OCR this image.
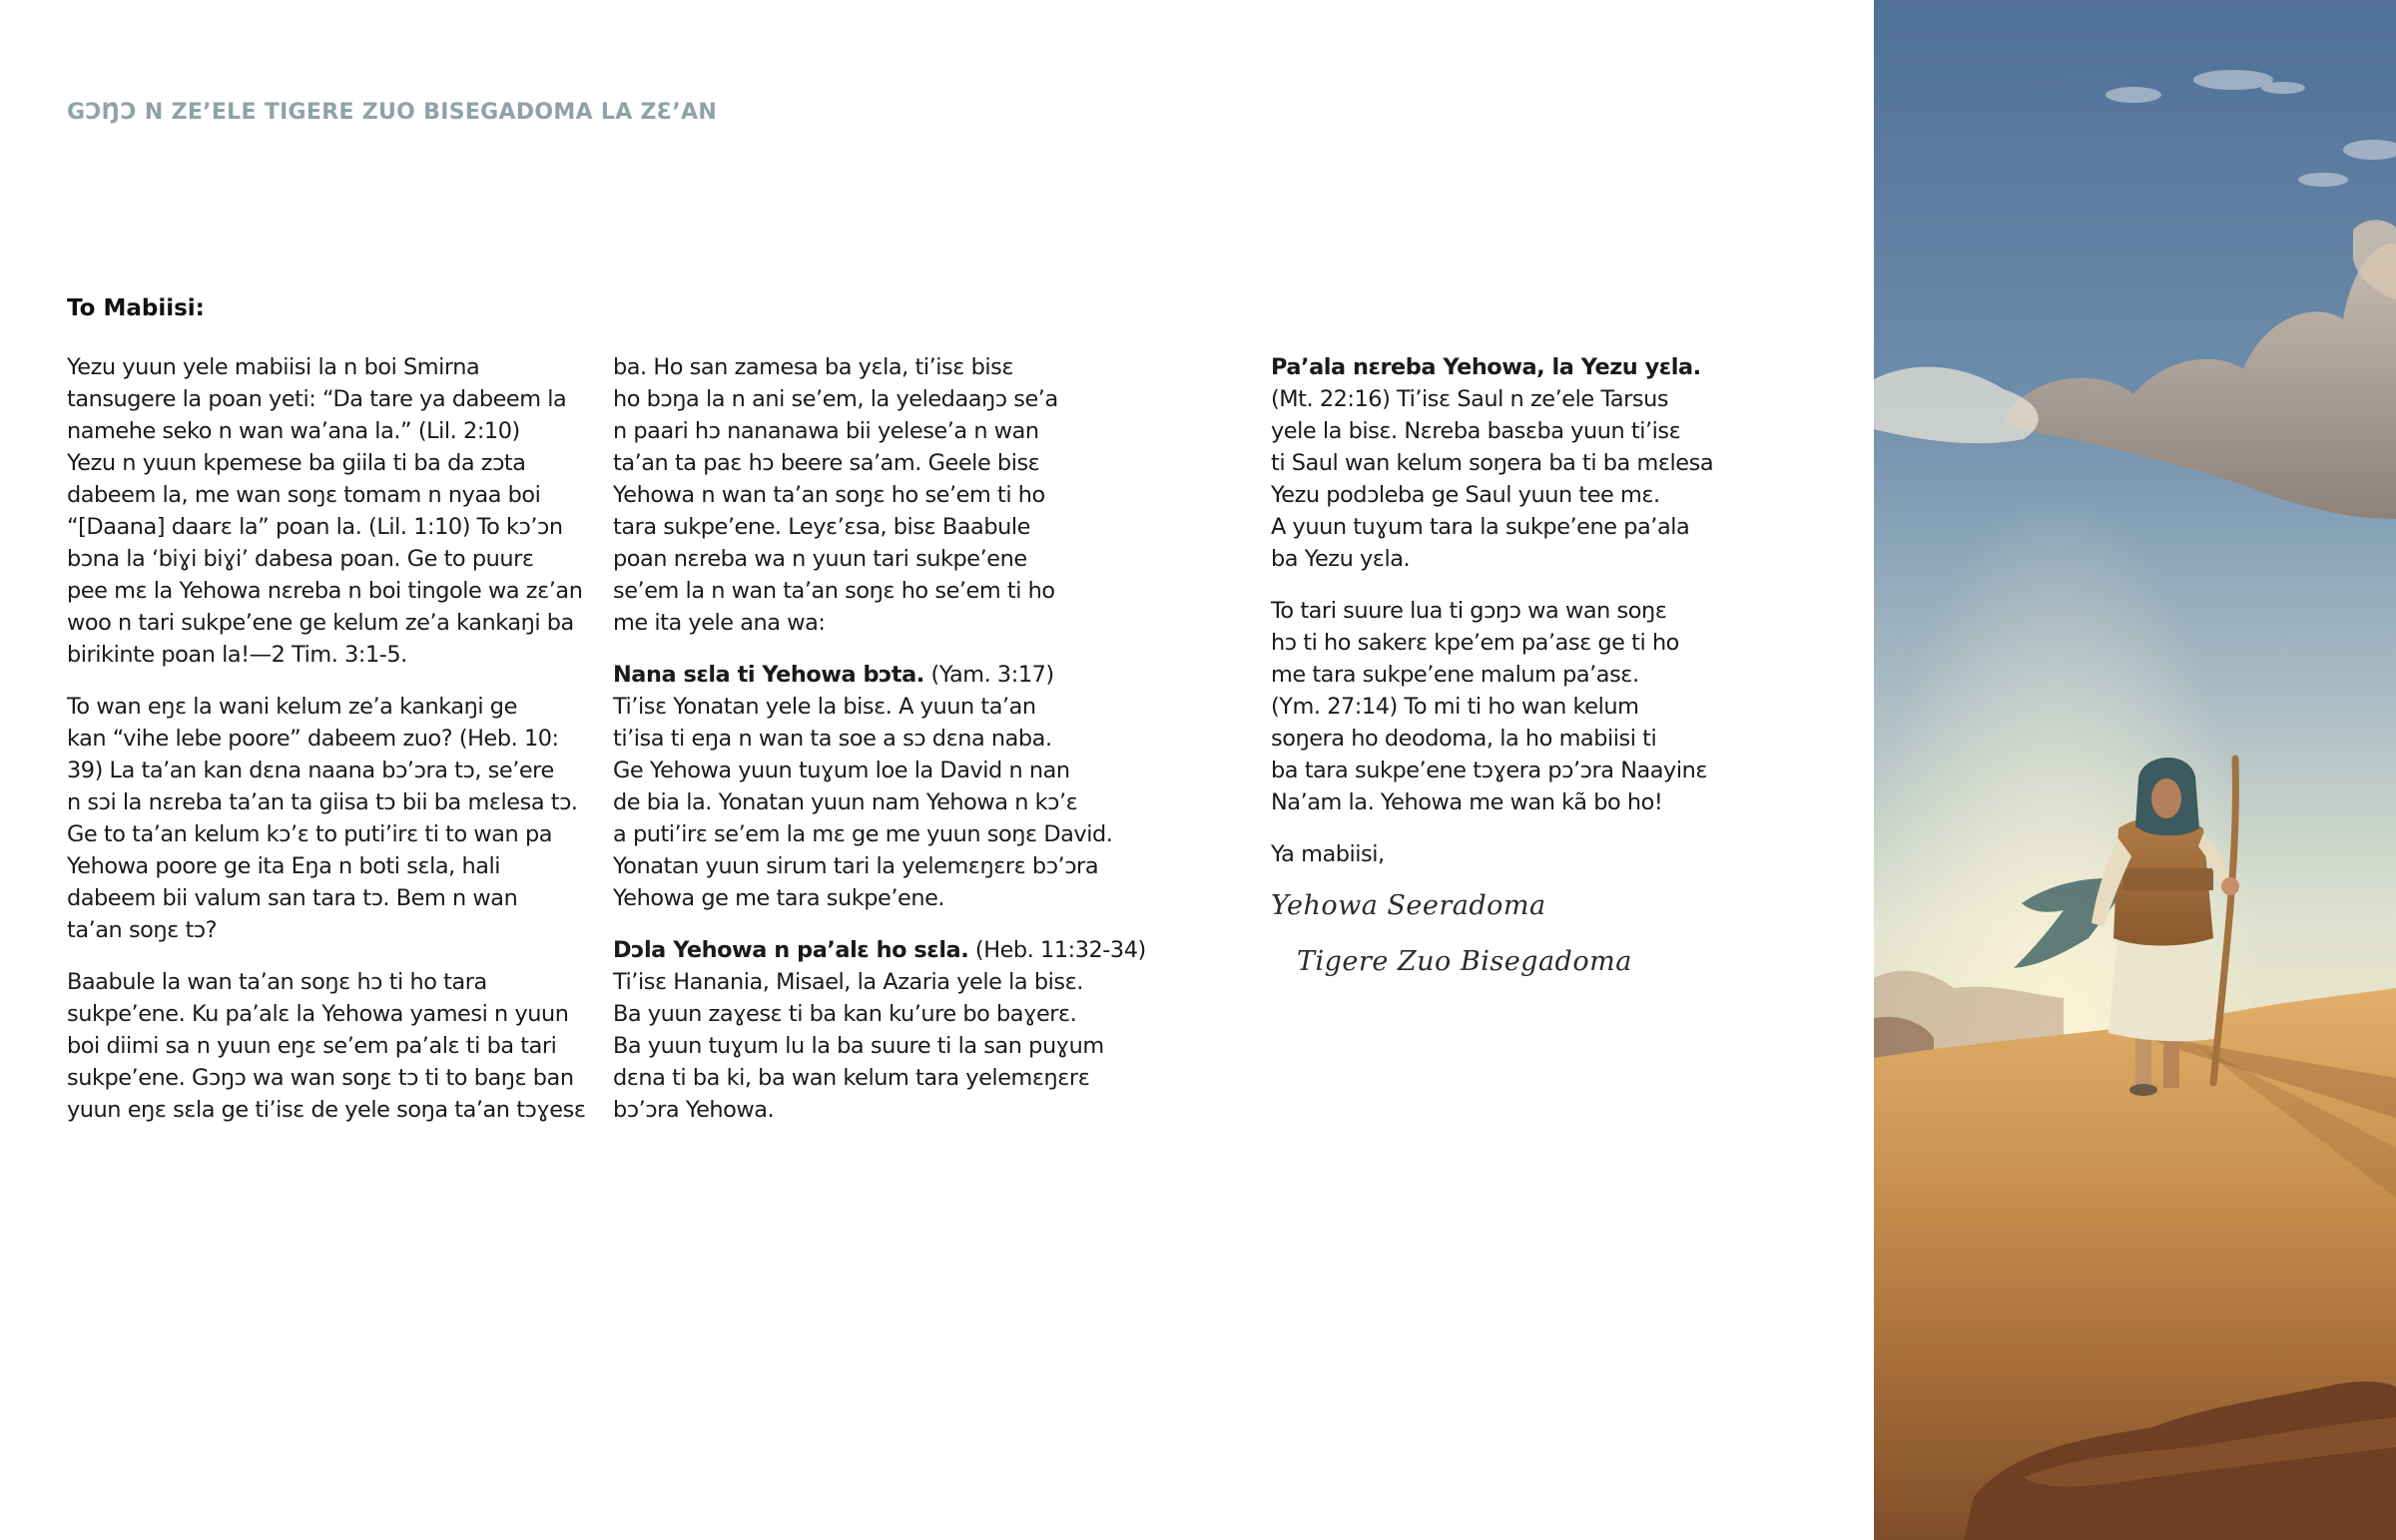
GƆŊƆ N ZE’ELE TIGERE ZUO BISEGADOMA LA ZƐ’AN
To Mabiisi:
Yezu yuun yele mabiisi la n boi Smirna
tansugere la poan yeti: “Da tare ya dabeem la
namehe seko n wan wa’ana la.” (Lil. 2:10)
Yezu n yuun kpemese ba giila ti ba da zɔta
dabeem la, me wan soŋɛ tomam n nyaa boi
“[Daana] daarɛ la” poan la. (Lil. 1:10) To kɔ’ɔn
bɔna la ‘biɣi biɣi’ dabesa poan. Ge to puurɛ
pee mɛ la Yehowa nɛreba n boi tingole wa zɛ’an
woo n tari sukpe’ene ge kelum ze’a kankaŋi ba
birikinte poan la!—2 Tim. 3:1-5.
To wan eŋɛ la wani kelum ze’a kankaŋi ge
kan “vihe lebe poore” dabeem zuo? (Heb. 10:
39) La ta’an kan dɛna naana bɔ’ɔra tɔ, se’ere
n sɔi la nɛreba ta’an ta giisa tɔ bii ba mɛlesa tɔ.
Ge to ta’an kelum kɔ’ɛ to puti’irɛ ti to wan pa
Yehowa poore ge ita Eŋa n boti sɛla, hali
dabeem bii valum san tara tɔ. Bem n wan
ta’an soŋɛ tɔ?
Baabule la wan ta’an soŋɛ hɔ ti ho tara
sukpe’ene. Ku pa’alɛ la Yehowa yamesi n yuun
boi diimi sa n yuun eŋɛ se’em pa’alɛ ti ba tari
sukpe’ene. Gɔŋɔ wa wan soŋɛ tɔ ti to baŋɛ ban
yuun eŋɛ sɛla ge ti’isɛ de yele soŋa ta’an tɔɣesɛ
ba. Ho san zamesa ba yɛla, ti’isɛ bisɛ
ho bɔŋa la n ani se’em, la yeledaaŋɔ se’a
n paari hɔ nananawa bii yelese’a n wan
ta’an ta paɛ hɔ beere sa’am. Geele bisɛ
Yehowa n wan ta’an soŋɛ ho se’em ti ho
tara sukpe’ene. Leyɛ’ɛsa, bisɛ Baabule
poan nɛreba wa n yuun tari sukpe’ene
se’em la n wan ta’an soŋɛ ho se’em ti ho
me ita yele ana wa:
Nana sɛla ti Yehowa bɔta. (Yam. 3:17)
Ti’isɛ Yonatan yele la bisɛ. A yuun ta’an
ti’isa ti eŋa n wan ta soe a sɔ dɛna naba.
Ge Yehowa yuun tuɣum loe la David n nan
de bia la. Yonatan yuun nam Yehowa n kɔ’ɛ
a puti’irɛ se’em la mɛ ge me yuun soŋɛ David.
Yonatan yuun sirum tari la yelemɛŋɛrɛ bɔ’ɔra
Yehowa ge me tara sukpe’ene.
Dɔla Yehowa n pa’alɛ ho sɛla. (Heb. 11:32-34)
Ti’isɛ Hanania, Misael, la Azaria yele la bisɛ.
Ba yuun zaɣesɛ ti ba kan ku’ure bo baɣerɛ.
Ba yuun tuɣum lu la ba suure ti la san puɣum
dɛna ti ba ki, ba wan kelum tara yelemɛŋɛrɛ
bɔ’ɔra Yehowa.
Pa’ala nɛreba Yehowa, la Yezu yɛla.
(Mt. 22:16) Ti’isɛ Saul n ze’ele Tarsus
yele la bisɛ. Nɛreba basɛba yuun ti’isɛ
ti Saul wan kelum soŋera ba ti ba mɛlesa
Yezu podɔleba ge Saul yuun tee mɛ.
A yuun tuɣum tara la sukpe’ene pa’ala
ba Yezu yɛla.
To tari suure lua ti gɔŋɔ wa wan soŋɛ
hɔ ti ho sakerɛ kpe’em pa’asɛ ge ti ho
me tara sukpe’ene malum pa’asɛ.
(Ym. 27:14) To mi ti ho wan kelum
soŋera ho deodoma, la ho mabiisi ti
ba tara sukpe’ene tɔɣera pɔ’ɔra Naayinɛ
Na’am la. Yehowa me wan kã bo ho!
Ya mabiisi,
Yehowa Seeradoma
Tigere Zuo Bisegadoma
